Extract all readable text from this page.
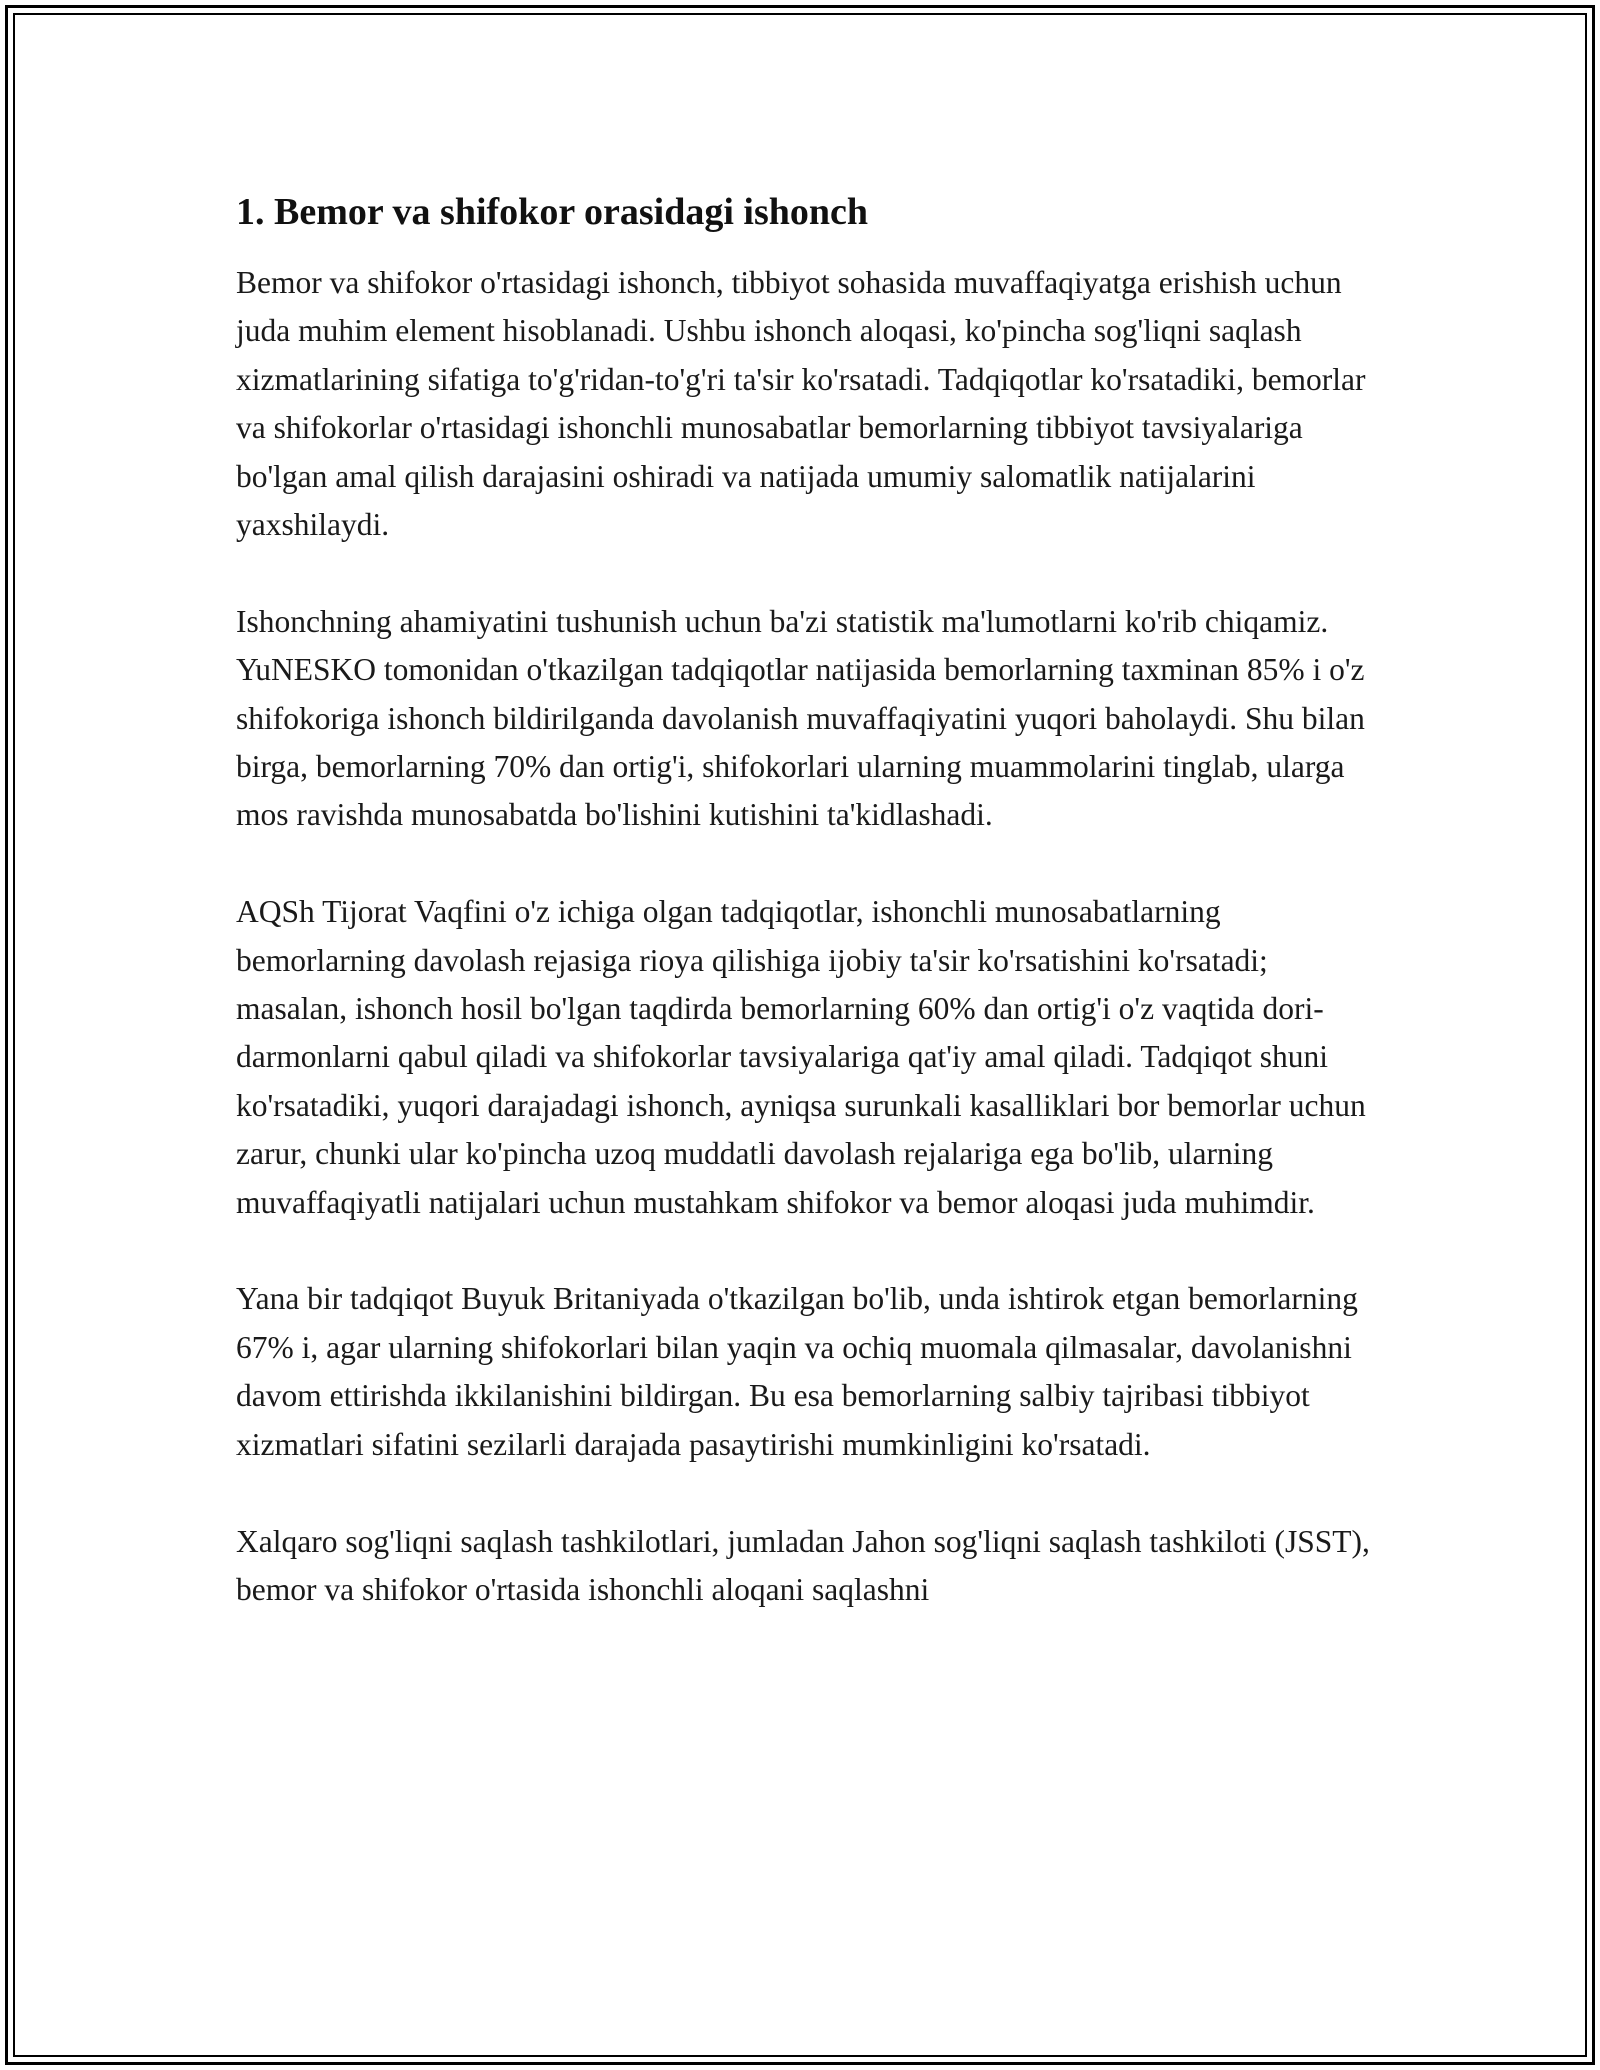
1. Bemor va shifokor orasidagi ishonch

Bemor va shifokor o'rtasidagi ishonch, tibbiyot sohasida muvaffaqiyatga erishish uchun juda muhim element hisoblanadi. Ushbu ishonch aloqasi, ko'pincha sog'liqni saqlash xizmatlarining sifatiga to'g'ridan-to'g'ri ta'sir ko'rsatadi. Tadqiqotlar ko'rsatadiki, bemorlar va shifokorlar o'rtasidagi ishonchli munosabatlar bemorlarning tibbiyot tavsiyalariga bo'lgan amal qilish darajasini oshiradi va natijada umumiy salomatlik natijalarini yaxshilaydi.

Ishonchning ahamiyatini tushunish uchun ba'zi statistik ma'lumotlarni ko'rib chiqamiz. YuNESKO tomonidan o'tkazilgan tadqiqotlar natijasida bemorlarning taxminan 85% i o'z shifokoriga ishonch bildirilganda davolanish muvaffaqiyatini yuqori baholaydi. Shu bilan birga, bemorlarning 70% dan ortig'i, shifokorlari ularning muammolarini tinglab, ularga mos ravishda munosabatda bo'lishini kutishini ta'kidlashadi.

AQSh Tijorat Vaqfini o'z ichiga olgan tadqiqotlar, ishonchli munosabatlarning bemorlarning davolash rejasiga rioya qilishiga ijobiy ta'sir ko'rsatishini ko'rsatadi; masalan, ishonch hosil bo'lgan taqdirda bemorlarning 60% dan ortig'i o'z vaqtida dori-darmonlarni qabul qiladi va shifokorlar tavsiyalariga qat'iy amal qiladi. Tadqiqot shuni ko'rsatadiki, yuqori darajadagi ishonch, ayniqsa surunkali kasalliklari bor bemorlar uchun zarur, chunki ular ko'pincha uzoq muddatli davolash rejalariga ega bo'lib, ularning muvaffaqiyatli natijalari uchun mustahkam shifokor va bemor aloqasi juda muhimdir.

Yana bir tadqiqot Buyuk Britaniyada o'tkazilgan bo'lib, unda ishtirok etgan bemorlarning 67% i, agar ularning shifokorlari bilan yaqin va ochiq muomala qilmasalar, davolanishni davom ettirishda ikkilanishini bildirgan. Bu esa bemorlarning salbiy tajribasi tibbiyot xizmatlari sifatini sezilarli darajada pasaytirishi mumkinligini ko'rsatadi.

Xalqaro sog'liqni saqlash tashkilotlari, jumladan Jahon sog'liqni saqlash tashkiloti (JSST), bemor va shifokor o'rtasida ishonchli aloqani saqlashni
